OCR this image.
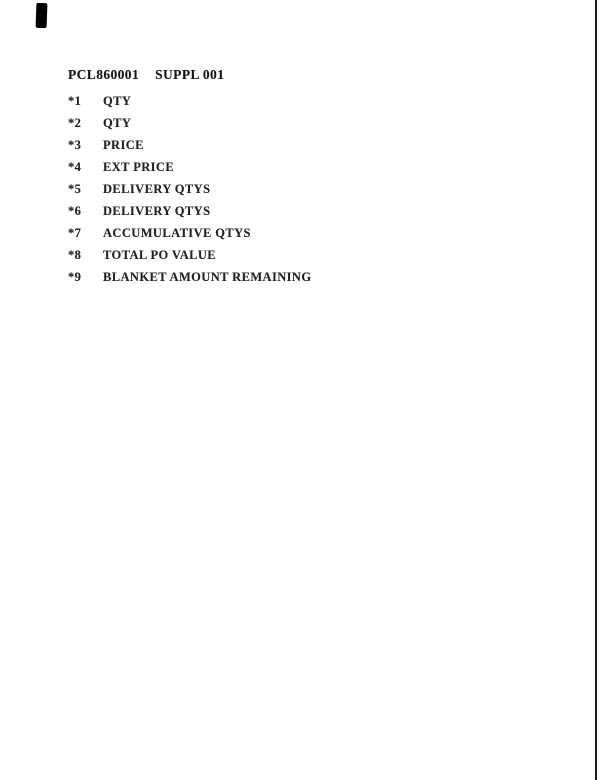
PCL860001 SUPPL 001
*1	QTY
*2	QTY
*3	PRICE
*4	EXT PRICE
*5	DELIVERY QTYS
*6	DELIVERY QTYS
*7	ACCUMULATIVE QTYS
*8	TOTAL PO VALUE
*9	BLANKET AMOUNT REMAINING
